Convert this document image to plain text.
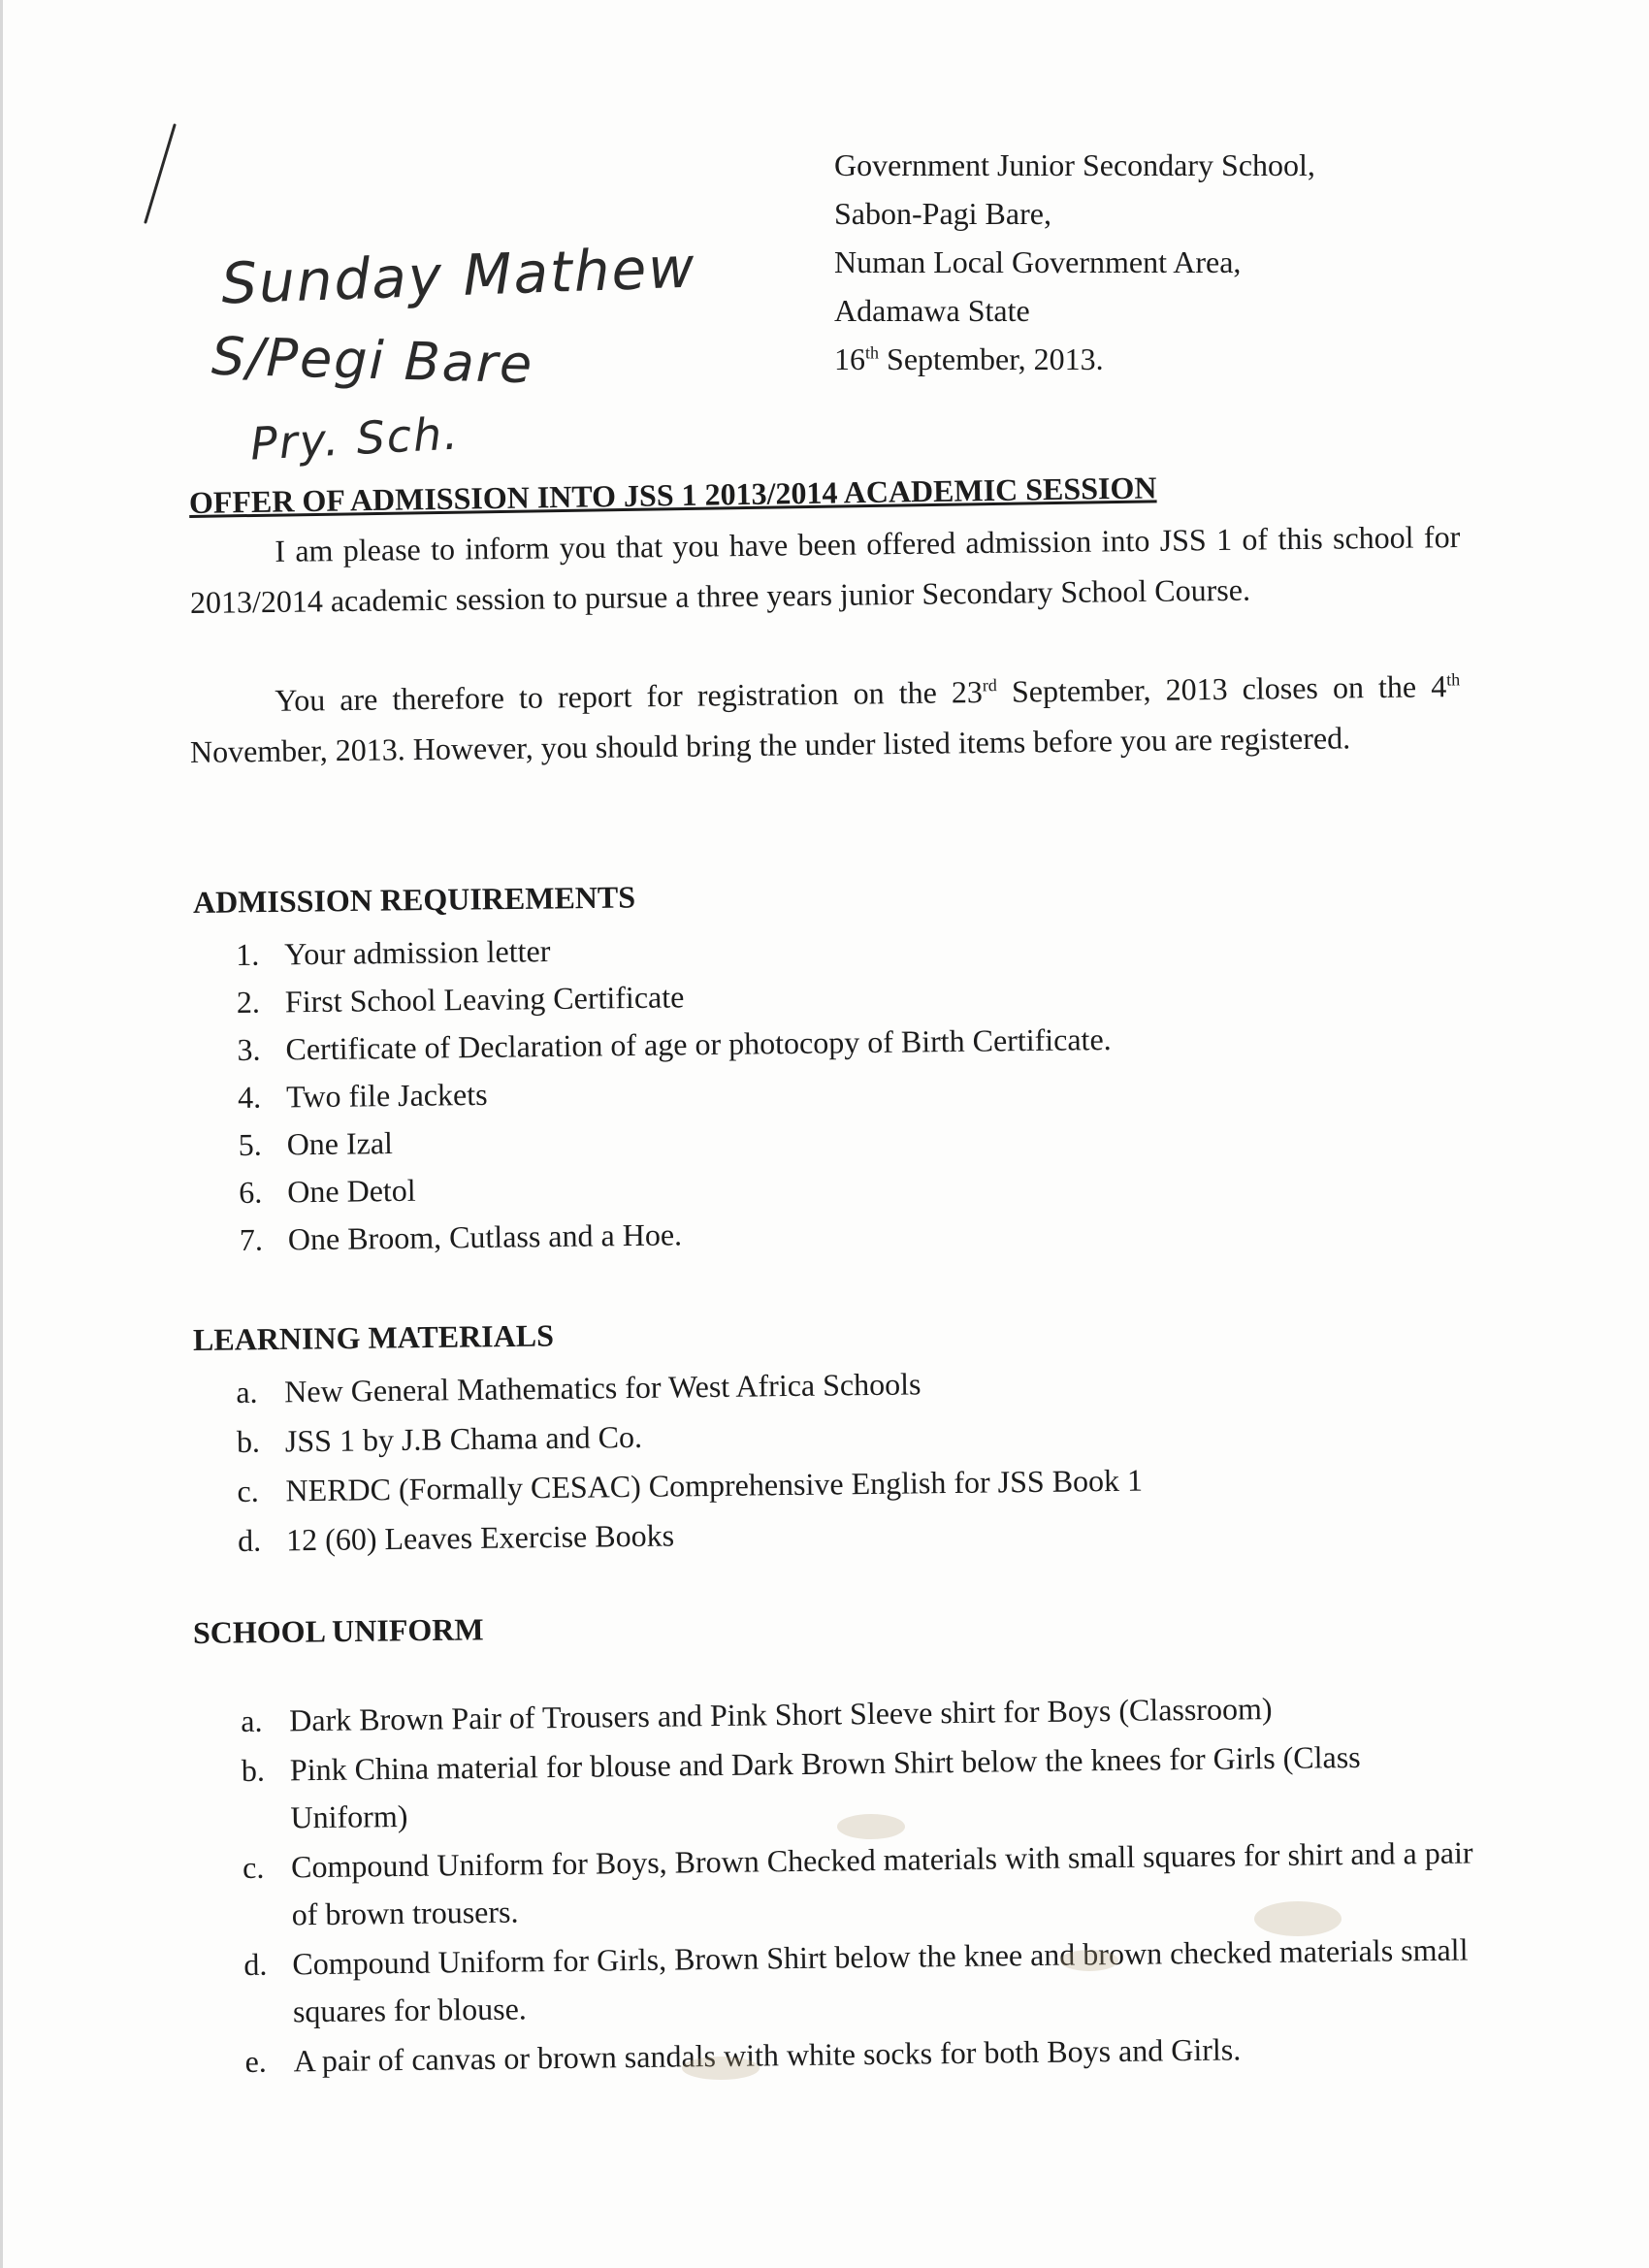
Sunday Mathew
S/Pegi Bare
Pry. Sch.
Government Junior Secondary School,
Sabon-Pagi Bare,
Numan Local Government Area,
Adamawa State
16th September, 2013.
OFFER OF ADMISSION INTO JSS 1 2013/2014 ACADEMIC SESSION
I am please to inform you that you have been offered admission into JSS 1 of this school for 2013/2014 academic session to pursue a three years junior Secondary School Course.
You are therefore to report for registration on the 23rd September, 2013 closes on the 4th November, 2013. However, you should bring the under listed items before you are registered.
ADMISSION REQUIREMENTS
1. Your admission letter
2. First School Leaving Certificate
3. Certificate of Declaration of age or photocopy of Birth Certificate.
4. Two file Jackets
5. One Izal
6. One Detol
7. One Broom, Cutlass and a Hoe.
LEARNING MATERIALS
a. New General Mathematics for West Africa Schools
b. JSS 1 by J.B Chama and Co.
c. NERDC (Formally CESAC) Comprehensive English for JSS Book 1
d. 12 (60) Leaves Exercise Books
SCHOOL UNIFORM
a. Dark Brown Pair of Trousers and Pink Short Sleeve shirt for Boys (Classroom)
b. Pink China material for blouse and Dark Brown Shirt below the knees for Girls (Class Uniform)
c. Compound Uniform for Boys, Brown Checked materials with small squares for shirt and a pair of brown trousers.
d. Compound Uniform for Girls, Brown Shirt below the knee and brown checked materials small squares for blouse.
e. A pair of canvas or brown sandals with white socks for both Boys and Girls.
